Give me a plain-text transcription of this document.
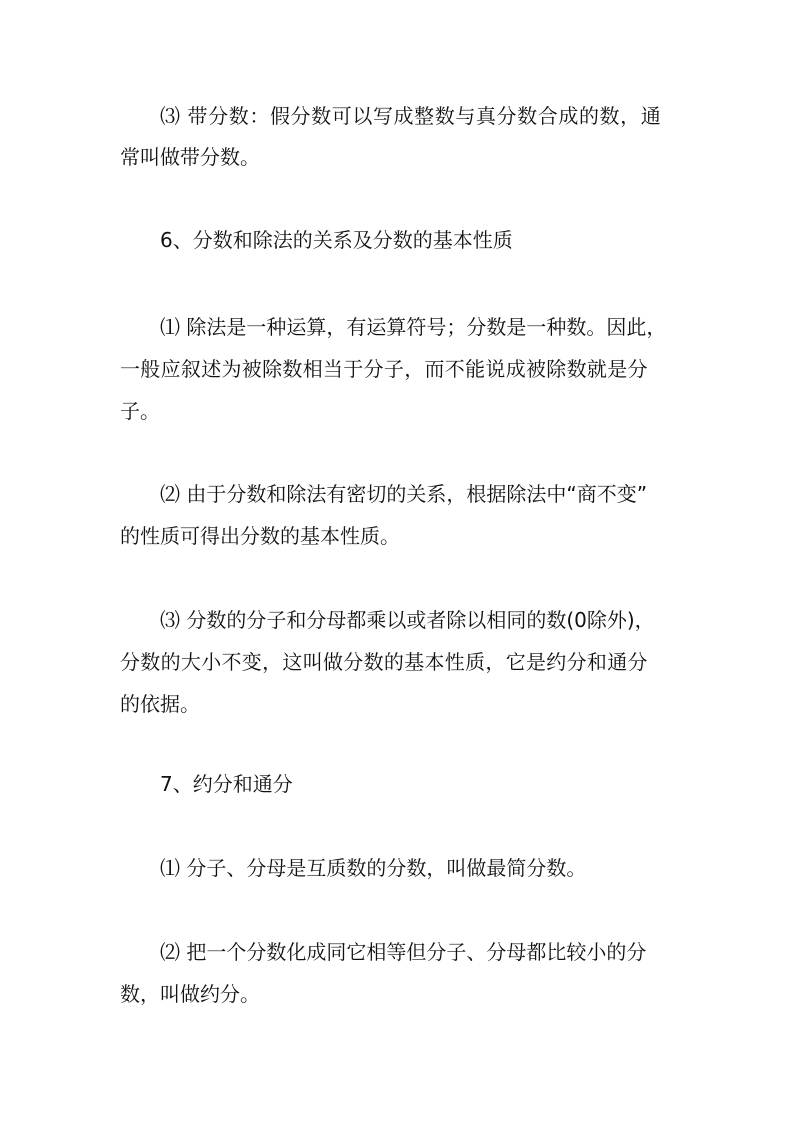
⑶ 带分数：假分数可以写成整数与真分数合成的数，通
常叫做带分数。
6、分数和除法的关系及分数的基本性质
⑴ 除法是一种运算，有运算符号；分数是一种数。因此，
一般应叙述为被除数相当于分子，而不能说成被除数就是分
子。
⑵ 由于分数和除法有密切的关系，根据除法中“商不变”
的性质可得出分数的基本性质。
⑶ 分数的分子和分母都乘以或者除以相同的数(0除外)，
分数的大小不变，这叫做分数的基本性质，它是约分和通分
的依据。
7、约分和通分
⑴ 分子、分母是互质数的分数，叫做最简分数。
⑵ 把一个分数化成同它相等但分子、分母都比较小的分
数，叫做约分。
